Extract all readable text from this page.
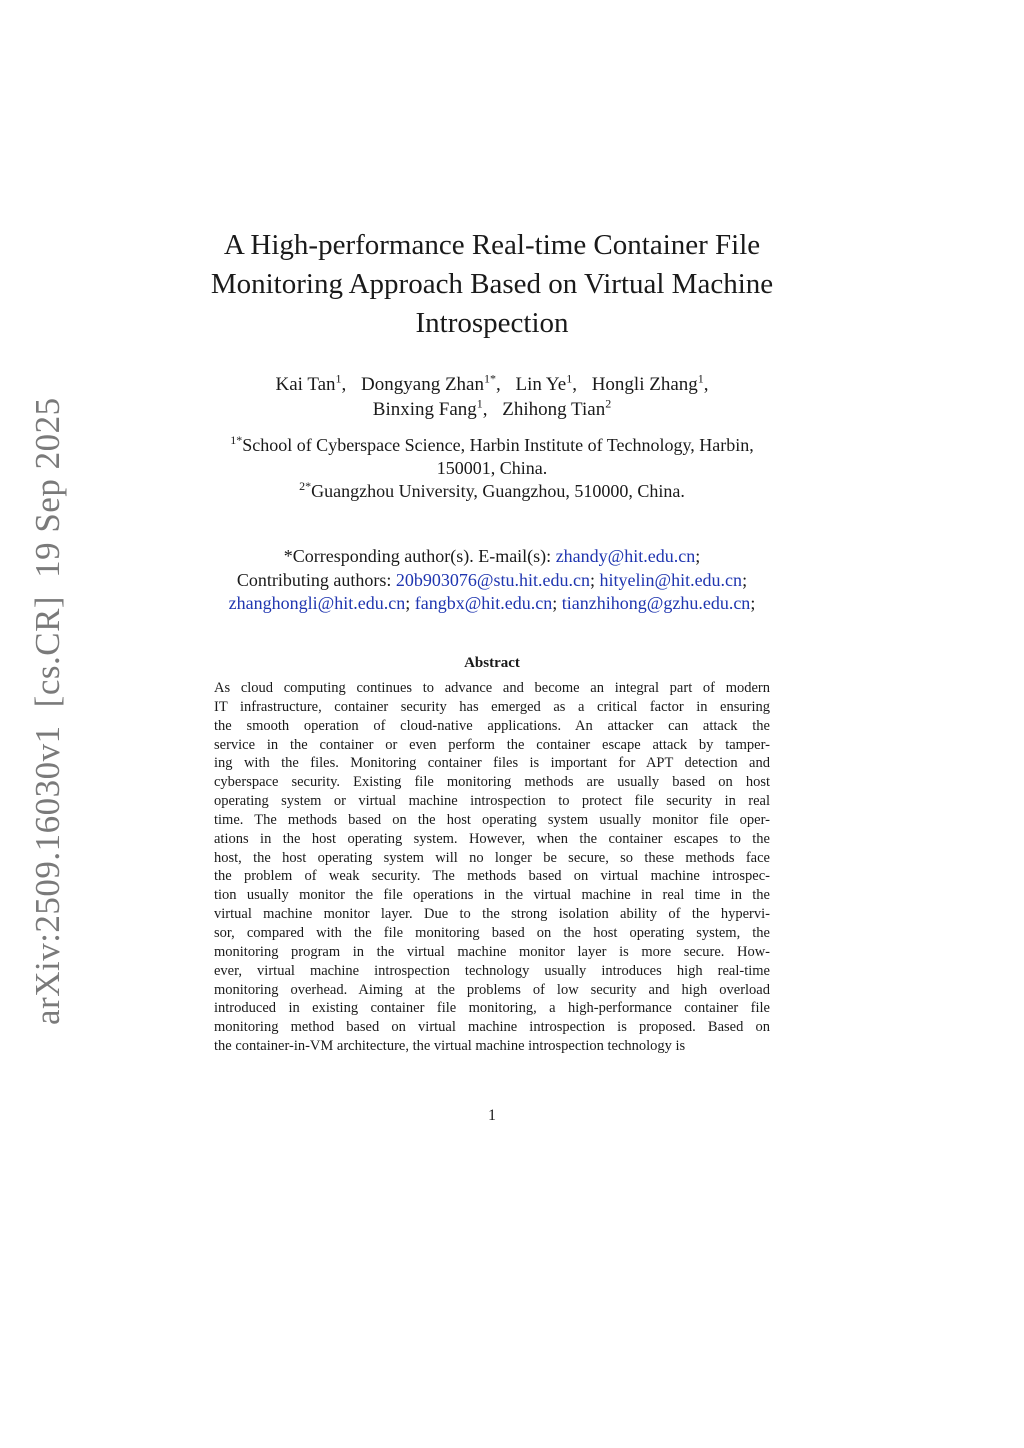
arXiv:2509.16030v1[cs.CR]19 Sep 2025
A High-performance Real-time Container File
Monitoring Approach Based on Virtual Machine
Introspection
Kai Tan$^1$, Dongyang Zhan$^{1*}$, Lin Ye$^1$, Hongli Zhang$^1$,
Binxing Fang$^1$, Zhihong Tian$^2$
$^{1*}$School of Cyberspace Science, Harbin Institute of Technology, Harbin,
150001, China.
$^{2*}$Guangzhou University, Guangzhou, 510000, China.
*Corresponding author(s). E-mail(s): zhandy@hit.edu.cn;
Contributing authors: 20b903076@stu.hit.edu.cn; hityelin@hit.edu.cn;
zhanghongli@hit.edu.cn; fangbx@hit.edu.cn; tianzhihong@gzhu.edu.cn;
Abstract
As cloud computing continues to advance and become an integral part of modern
IT infrastructure, container security has emerged as a critical factor in ensuring
the smooth operation of cloud-native applications. An attacker can attack the
service in the container or even perform the container escape attack by tamper-
ing with the files. Monitoring container files is important for APT detection and
cyberspace security. Existing file monitoring methods are usually based on host
operating system or virtual machine introspection to protect file security in real
time. The methods based on the host operating system usually monitor file oper-
ations in the host operating system. However, when the container escapes to the
host, the host operating system will no longer be secure, so these methods face
the problem of weak security. The methods based on virtual machine introspec-
tion usually monitor the file operations in the virtual machine in real time in the
virtual machine monitor layer. Due to the strong isolation ability of the hypervi-
sor, compared with the file monitoring based on the host operating system, the
monitoring program in the virtual machine monitor layer is more secure. How-
ever, virtual machine introspection technology usually introduces high real-time
monitoring overhead. Aiming at the problems of low security and high overload
introduced in existing container file monitoring, a high-performance container file
monitoring method based on virtual machine introspection is proposed. Based on
the container-in-VM architecture, the virtual machine introspection technology is
1
